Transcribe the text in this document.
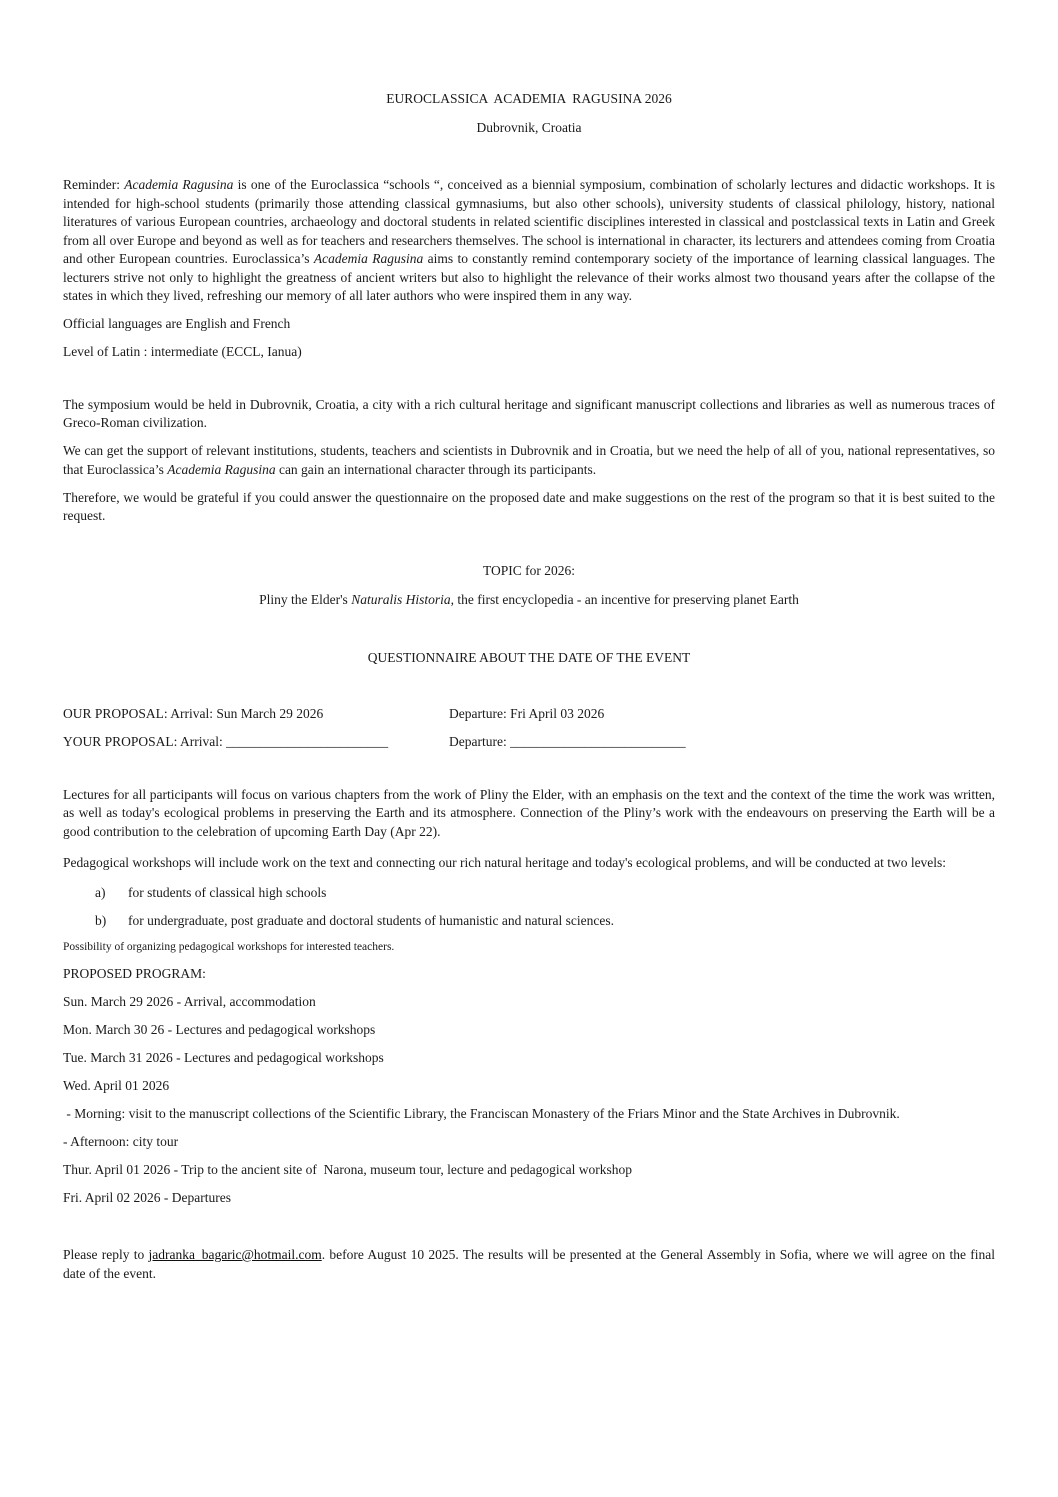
EUROCLASSICA  ACADEMIA  RAGUSINA 2026

Dubrovnik, Croatia

Reminder: Academia Ragusina is one of the Euroclassica “schools “, conceived as a biennial symposium, combination of scholarly lectures and didactic workshops. It is intended for high-school students (primarily those attending classical gymnasiums, but also other schools), university students of classical philology, history, national literatures of various European countries, archaeology and doctoral students in related scientific disciplines interested in classical and postclassical texts in Latin and Greek from all over Europe and beyond as well as for teachers and researchers themselves. The school is international in character, its lecturers and attendees coming from Croatia and other European countries. Euroclassica’s Academia Ragusina aims to constantly remind contemporary society of the importance of learning classical languages. The lecturers strive not only to highlight the greatness of ancient writers but also to highlight the relevance of their works almost two thousand years after the collapse of the states in which they lived, refreshing our memory of all later authors who were inspired them in any way.

Official languages are English and French

Level of Latin : intermediate (ECCL, Ianua)

The symposium would be held in Dubrovnik, Croatia, a city with a rich cultural heritage and significant manuscript collections and libraries as well as numerous traces of Greco-Roman civilization.

We can get the support of relevant institutions, students, teachers and scientists in Dubrovnik and in Croatia, but we need the help of all of you, national representatives, so that Euroclassica’s Academia Ragusina can gain an international character through its participants.

Therefore, we would be grateful if you could answer the questionnaire on the proposed date and make suggestions on the rest of the program so that it is best suited to the request.

TOPIC for 2026:

Pliny the Elder's Naturalis Historia, the first encyclopedia - an incentive for preserving planet Earth

QUESTIONNAIRE ABOUT THE DATE OF THE EVENT

OUR PROPOSAL: Arrival: Sun March 29 2026	Departure: Fri April 03 2026
YOUR PROPOSAL: Arrival: ________________________	Departure: __________________________

Lectures for all participants will focus on various chapters from the work of Pliny the Elder, with an emphasis on the text and the context of the time the work was written, as well as today's ecological problems in preserving the Earth and its atmosphere. Connection of the Pliny’s work with the endeavours on preserving the Earth will be a good contribution to the celebration of upcoming Earth Day (Apr 22).

Pedagogical workshops will include work on the text and connecting our rich natural heritage and today's ecological problems, and will be conducted at two levels:

a)	for students of classical high schools
b)	for undergraduate, post graduate and doctoral students of humanistic and natural sciences.

Possibility of organizing pedagogical workshops for interested teachers.

PROPOSED PROGRAM:

Sun. March 29 2026 - Arrival, accommodation

Mon. March 30 26 - Lectures and pedagogical workshops

Tue. March 31 2026 - Lectures and pedagogical workshops

Wed. April 01 2026

- Morning: visit to the manuscript collections of the Scientific Library, the Franciscan Monastery of the Friars Minor and the State Archives in Dubrovnik.

- Afternoon: city tour

Thur. April 01 2026 - Trip to the ancient site of  Narona, museum tour, lecture and pedagogical workshop

Fri. April 02 2026 - Departures

Please reply to jadranka_bagaric@hotmail.com. before August 10 2025. The results will be presented at the General Assembly in Sofia, where we will agree on the final date of the event.
